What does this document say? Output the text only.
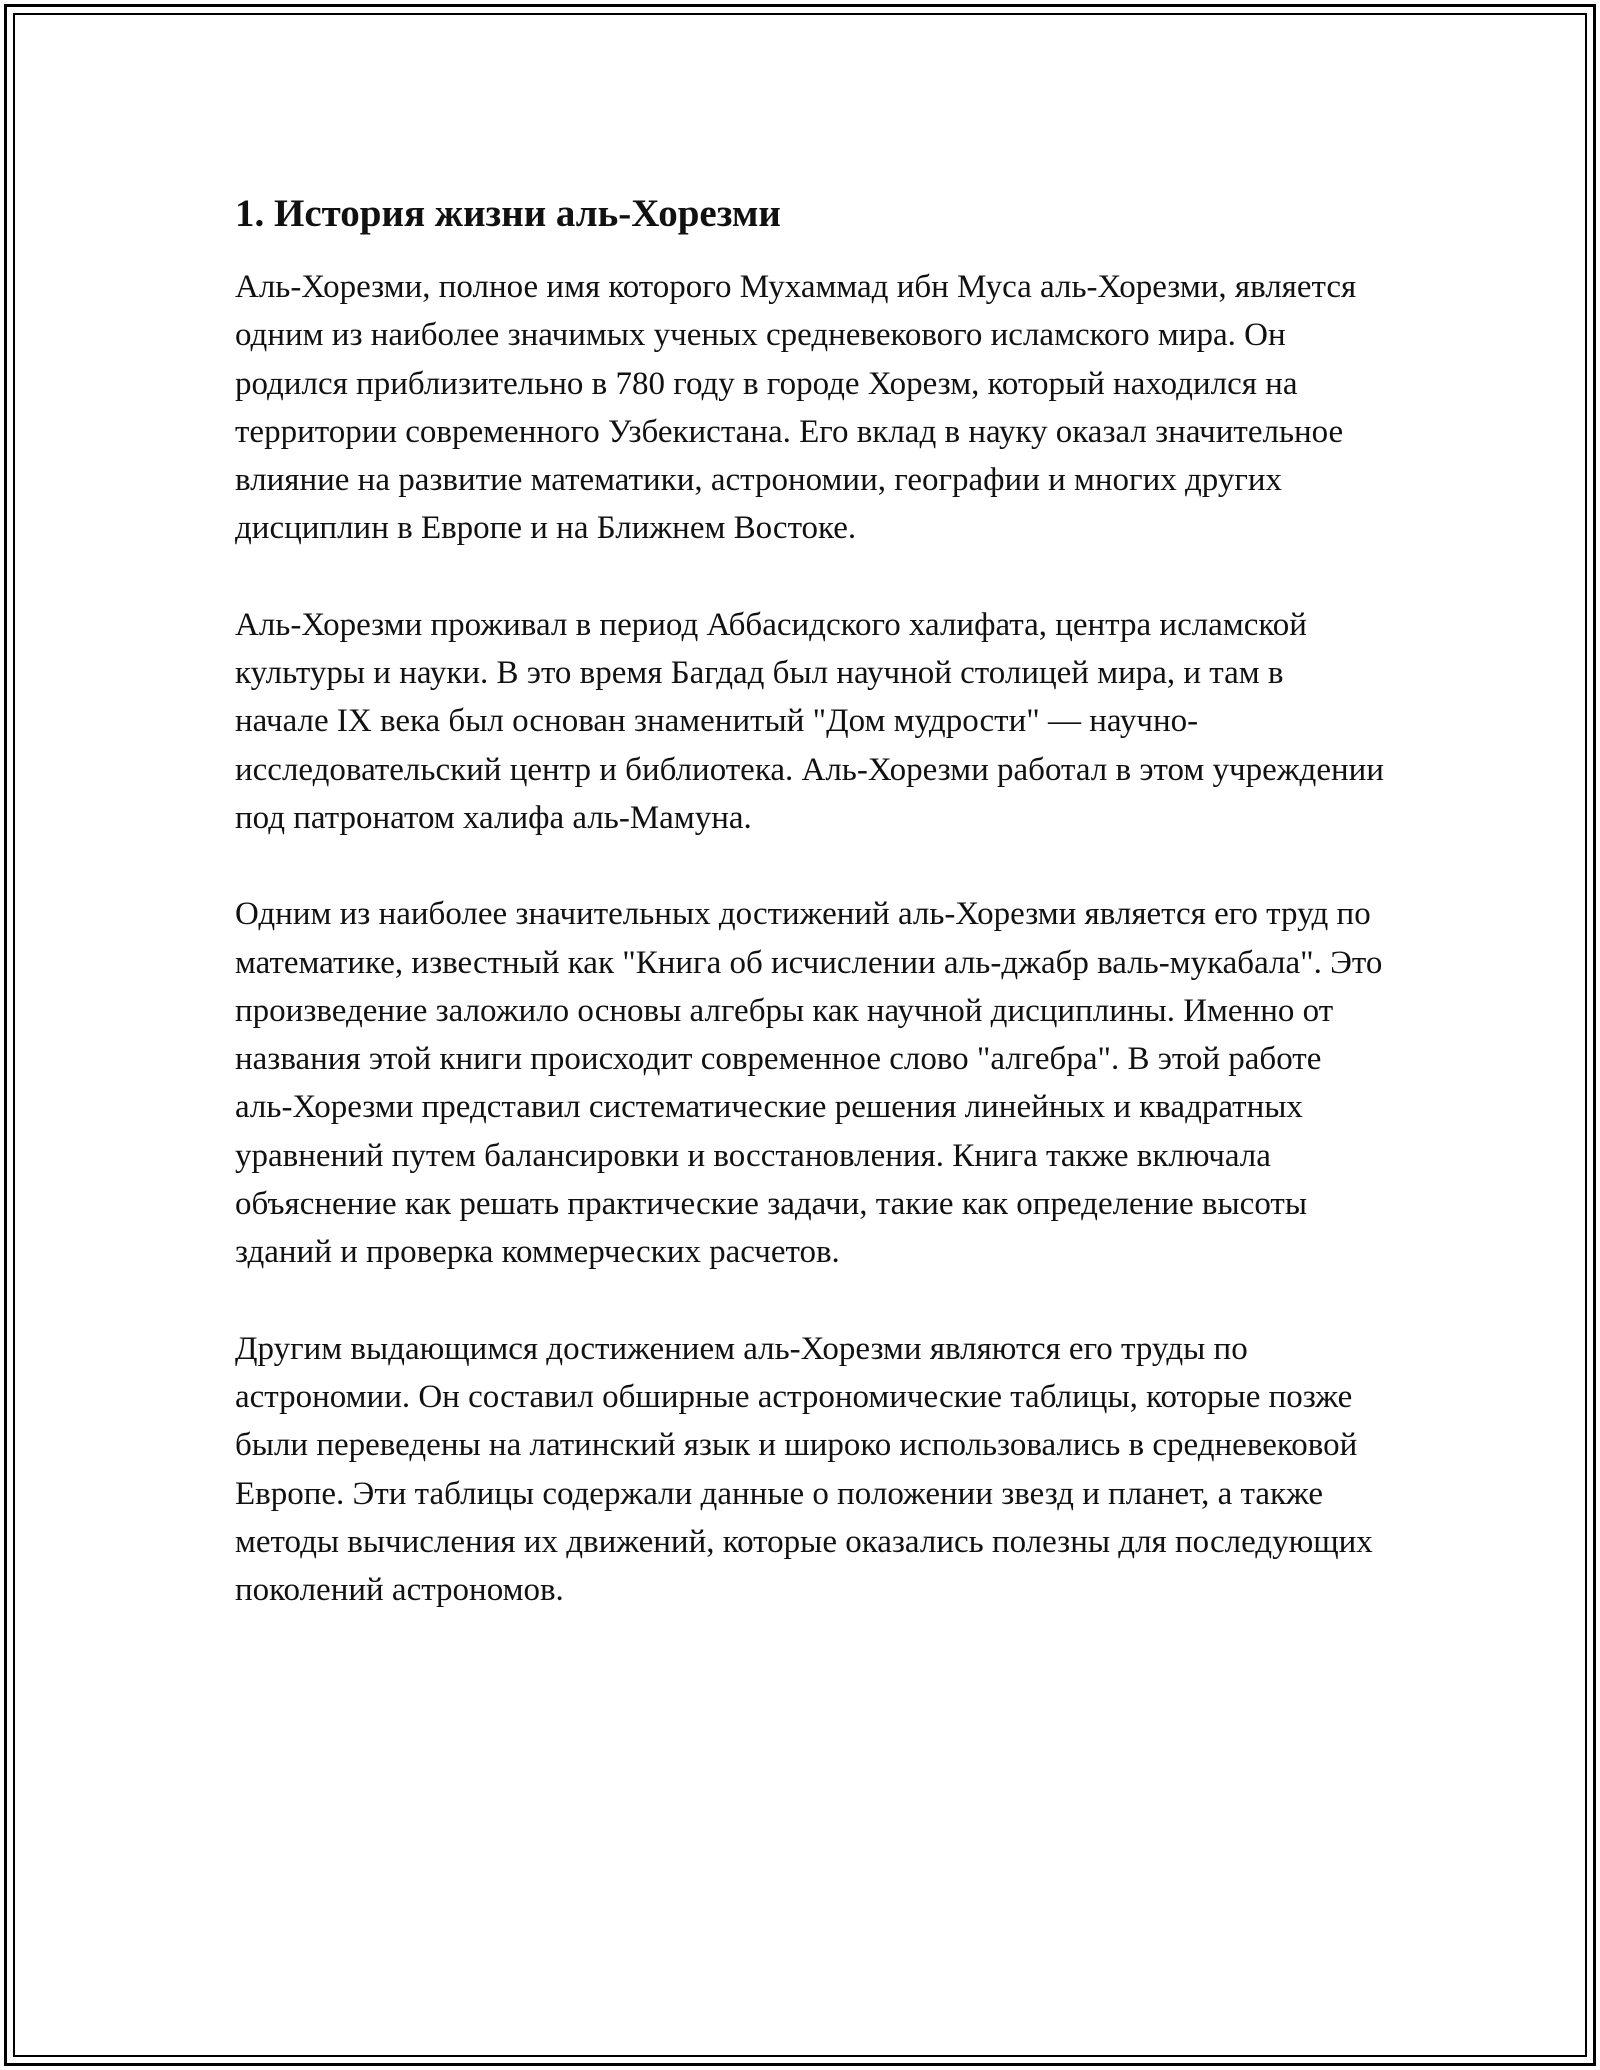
1. История жизни аль-Хорезми

Аль-Хорезми, полное имя которого Мухаммад ибн Муса аль-Хорезми, является одним из наиболее значимых ученых средневекового исламского мира. Он родился приблизительно в 780 году в городе Хорезм, который находился на территории современного Узбекистана. Его вклад в науку оказал значительное влияние на развитие математики, астрономии, географии и многих других дисциплин в Европе и на Ближнем Востоке.

Аль-Хорезми проживал в период Аббасидского халифата, центра исламской культуры и науки. В это время Багдад был научной столицей мира, и там в начале IX века был основан знаменитый "Дом мудрости" — научно-исследовательский центр и библиотека. Аль-Хорезми работал в этом учреждении под патронатом халифа аль-Мамуна.

Одним из наиболее значительных достижений аль-Хорезми является его труд по математике, известный как "Книга об исчислении аль-джабр валь-мукабала". Это произведение заложило основы алгебры как научной дисциплины. Именно от названия этой книги происходит современное слово "алгебра". В этой работе аль-Хорезми представил систематические решения линейных и квадратных уравнений путем балансировки и восстановления. Книга также включала объяснение как решать практические задачи, такие как определение высоты зданий и проверка коммерческих расчетов.

Другим выдающимся достижением аль-Хорезми являются его труды по астрономии. Он составил обширные астрономические таблицы, которые позже были переведены на латинский язык и широко использовались в средневековой Европе. Эти таблицы содержали данные о положении звезд и планет, а также методы вычисления их движений, которые оказались полезны для последующих поколений астрономов.
